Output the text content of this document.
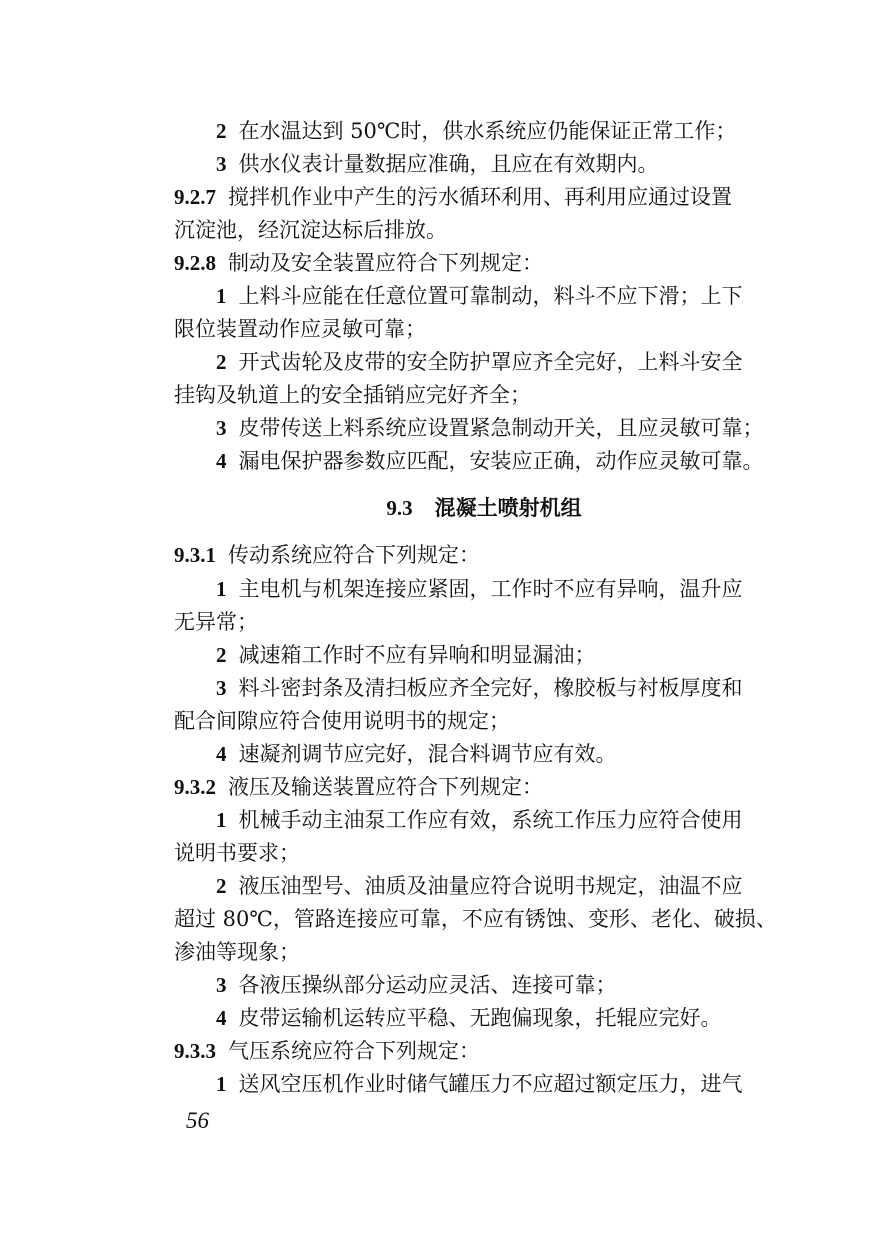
2 在水温达到 50℃时，供水系统应仍能保证正常工作；
3 供水仪表计量数据应准确，且应在有效期内。
9.2.7 搅拌机作业中产生的污水循环利用、再利用应通过设置
沉淀池，经沉淀达标后排放。
9.2.8 制动及安全装置应符合下列规定：
1 上料斗应能在任意位置可靠制动，料斗不应下滑；上下
限位装置动作应灵敏可靠；
2 开式齿轮及皮带的安全防护罩应齐全完好，上料斗安全
挂钩及轨道上的安全插销应完好齐全；
3 皮带传送上料系统应设置紧急制动开关，且应灵敏可靠；
4 漏电保护器参数应匹配，安装应正确，动作应灵敏可靠。
9.3 混凝土喷射机组
9.3.1 传动系统应符合下列规定：
1 主电机与机架连接应紧固，工作时不应有异响，温升应
无异常；
2 减速箱工作时不应有异响和明显漏油；
3 料斗密封条及清扫板应齐全完好，橡胶板与衬板厚度和
配合间隙应符合使用说明书的规定；
4 速凝剂调节应完好，混合料调节应有效。
9.3.2 液压及输送装置应符合下列规定：
1 机械手动主油泵工作应有效，系统工作压力应符合使用
说明书要求；
2 液压油型号、油质及油量应符合说明书规定，油温不应
超过 80℃，管路连接应可靠，不应有锈蚀、变形、老化、破损、
渗油等现象；
3 各液压操纵部分运动应灵活、连接可靠；
4 皮带运输机运转应平稳、无跑偏现象，托辊应完好。
9.3.3 气压系统应符合下列规定：
1 送风空压机作业时储气罐压力不应超过额定压力，进气
56
